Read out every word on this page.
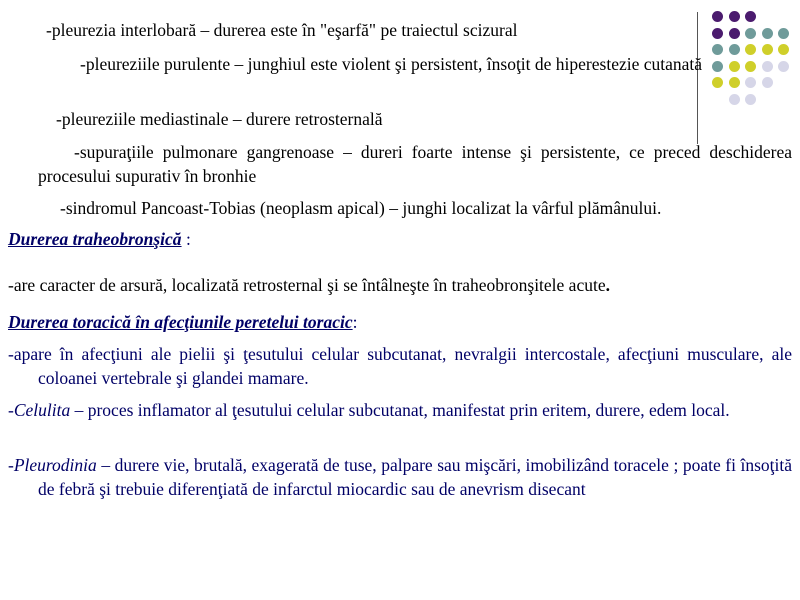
-pleurezia interlobară – durerea este în "eşarfă" pe traiectul scizural

-pleureziile purulente – junghiul este violent şi persistent, însoţit de hiperestezie cutanată

-pleureziile mediastinale – durere retrosternală

-supuraţiile pulmonare gangrenoase – dureri foarte intense şi persistente, ce preced deschiderea procesului supurativ în bronhie

-sindromul Pancoast-Tobias (neoplasm apical) – junghi localizat la vârful plămânului.

Durerea traheobronşică :

-are caracter de arsură, localizată retrosternal şi se întâlneşte în traheobronşitele acute.

Durerea toracică în afecţiunile peretelui toracic:

-apare în afecţiuni ale pielii şi ţesutului celular subcutanat, nevralgii intercostale, afecţiuni musculare, ale coloanei vertebrale şi glandei mamare.

-Celulita – proces inflamator al ţesutului celular subcutanat, manifestat prin eritem, durere, edem local.

-Pleurodinia – durere vie, brutală, exagerată de tuse, palpare sau mişcări, imobilizând toracele ; poate fi însoţită de febră şi trebuie diferenţiată de infarctul miocardic sau de anevrism disecant
